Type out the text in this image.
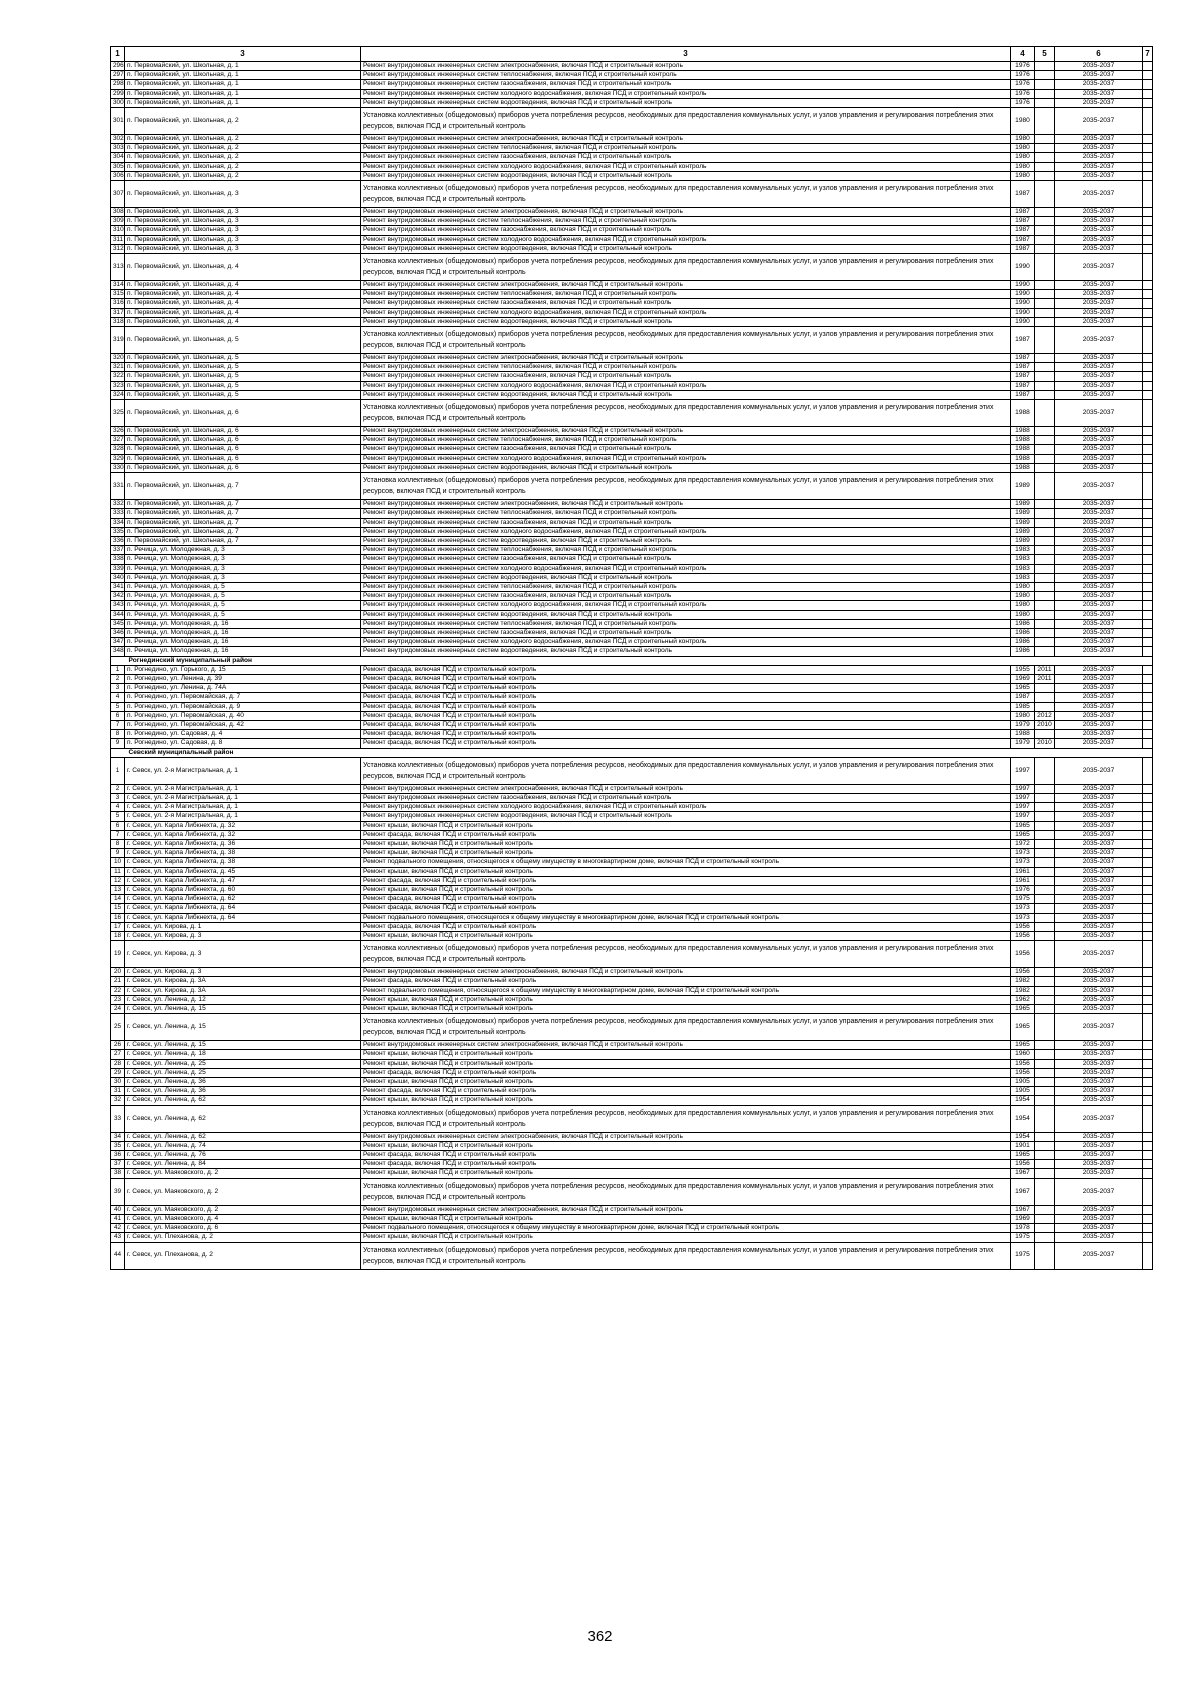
1	3	3	4	5	6	7
296	п. Первомайский, ул. Школьная, д. 1	Ремонт внутридомовых инженерных систем электроснабжения, включая ПСД и строительный контроль	1976		2035-2037	
297	п. Первомайский, ул. Школьная, д. 1	Ремонт внутридомовых инженерных систем теплоснабжения, включая ПСД и строительный контроль	1976		2035-2037	
298	п. Первомайский, ул. Школьная, д. 1	Ремонт внутридомовых инженерных систем газоснабжения, включая ПСД и строительный контроль	1976		2035-2037	
299	п. Первомайский, ул. Школьная, д. 1	Ремонт внутридомовых инженерных систем холодного водоснабжения, включая ПСД и строительный контроль	1976		2035-2037	
300	п. Первомайский, ул. Школьная, д. 1	Ремонт внутридомовых инженерных систем водоотведения, включая ПСД и строительный контроль	1976		2035-2037	
301	п. Первомайский, ул. Школьная, д. 2	Установка коллективных (общедомовых) приборов учета потребления ресурсов, необходимых для предоставления коммунальных услуг, и узлов управления и регулирования потребления этих ресурсов, включая ПСД и строительный контроль	1980		2035-2037	
302	п. Первомайский, ул. Школьная, д. 2	Ремонт внутридомовых инженерных систем электроснабжения, включая ПСД и строительный контроль	1980		2035-2037	
303	п. Первомайский, ул. Школьная, д. 2	Ремонт внутридомовых инженерных систем теплоснабжения, включая ПСД и строительный контроль	1980		2035-2037	
304	п. Первомайский, ул. Школьная, д. 2	Ремонт внутридомовых инженерных систем газоснабжения, включая ПСД и строительный контроль	1980		2035-2037	
305	п. Первомайский, ул. Школьная, д. 2	Ремонт внутридомовых инженерных систем холодного водоснабжения, включая ПСД и строительный контроль	1980		2035-2037	
306	п. Первомайский, ул. Школьная, д. 2	Ремонт внутридомовых инженерных систем водоотведения, включая ПСД и строительный контроль	1980		2035-2037	
307	п. Первомайский, ул. Школьная, д. 3	Установка коллективных (общедомовых) приборов учета потребления ресурсов, необходимых для предоставления коммунальных услуг, и узлов управления и регулирования потребления этих ресурсов, включая ПСД и строительный контроль	1987		2035-2037	
308	п. Первомайский, ул. Школьная, д. 3	Ремонт внутридомовых инженерных систем электроснабжения, включая ПСД и строительный контроль	1987		2035-2037	
309	п. Первомайский, ул. Школьная, д. 3	Ремонт внутридомовых инженерных систем теплоснабжения, включая ПСД и строительный контроль	1987		2035-2037	
310	п. Первомайский, ул. Школьная, д. 3	Ремонт внутридомовых инженерных систем газоснабжения, включая ПСД и строительный контроль	1987		2035-2037	
311	п. Первомайский, ул. Школьная, д. 3	Ремонт внутридомовых инженерных систем холодного водоснабжения, включая ПСД и строительный контроль	1987		2035-2037	
312	п. Первомайский, ул. Школьная, д. 3	Ремонт внутридомовых инженерных систем водоотведения, включая ПСД и строительный контроль	1987		2035-2037	
313	п. Первомайский, ул. Школьная, д. 4	Установка коллективных (общедомовых) приборов учета потребления ресурсов, необходимых для предоставления коммунальных услуг, и узлов управления и регулирования потребления этих ресурсов, включая ПСД и строительный контроль	1990		2035-2037	
314	п. Первомайский, ул. Школьная, д. 4	Ремонт внутридомовых инженерных систем электроснабжения, включая ПСД и строительный контроль	1990		2035-2037	
315	п. Первомайский, ул. Школьная, д. 4	Ремонт внутридомовых инженерных систем теплоснабжения, включая ПСД и строительный контроль	1990		2035-2037	
316	п. Первомайский, ул. Школьная, д. 4	Ремонт внутридомовых инженерных систем газоснабжения, включая ПСД и строительный контроль	1990		2035-2037	
317	п. Первомайский, ул. Школьная, д. 4	Ремонт внутридомовых инженерных систем холодного водоснабжения, включая ПСД и строительный контроль	1990		2035-2037	
318	п. Первомайский, ул. Школьная, д. 4	Ремонт внутридомовых инженерных систем водоотведения, включая ПСД и строительный контроль	1990		2035-2037	
319	п. Первомайский, ул. Школьная, д. 5	Установка коллективных (общедомовых) приборов учета потребления ресурсов, необходимых для предоставления коммунальных услуг, и узлов управления и регулирования потребления этих ресурсов, включая ПСД и строительный контроль	1987		2035-2037	
320	п. Первомайский, ул. Школьная, д. 5	Ремонт внутридомовых инженерных систем электроснабжения, включая ПСД и строительный контроль	1987		2035-2037	
321	п. Первомайский, ул. Школьная, д. 5	Ремонт внутридомовых инженерных систем теплоснабжения, включая ПСД и строительный контроль	1987		2035-2037	
322	п. Первомайский, ул. Школьная, д. 5	Ремонт внутридомовых инженерных систем газоснабжения, включая ПСД и строительный контроль	1987		2035-2037	
323	п. Первомайский, ул. Школьная, д. 5	Ремонт внутридомовых инженерных систем холодного водоснабжения, включая ПСД и строительный контроль	1987		2035-2037	
324	п. Первомайский, ул. Школьная, д. 5	Ремонт внутридомовых инженерных систем водоотведения, включая ПСД и строительный контроль	1987		2035-2037	
325	п. Первомайский, ул. Школьная, д. 6	Установка коллективных (общедомовых) приборов учета потребления ресурсов, необходимых для предоставления коммунальных услуг, и узлов управления и регулирования потребления этих ресурсов, включая ПСД и строительный контроль	1988		2035-2037	
326	п. Первомайский, ул. Школьная, д. 6	Ремонт внутридомовых инженерных систем электроснабжения, включая ПСД и строительный контроль	1988		2035-2037	
327	п. Первомайский, ул. Школьная, д. 6	Ремонт внутридомовых инженерных систем теплоснабжения, включая ПСД и строительный контроль	1988		2035-2037	
328	п. Первомайский, ул. Школьная, д. 6	Ремонт внутридомовых инженерных систем газоснабжения, включая ПСД и строительный контроль	1988		2035-2037	
329	п. Первомайский, ул. Школьная, д. 6	Ремонт внутридомовых инженерных систем холодного водоснабжения, включая ПСД и строительный контроль	1988		2035-2037	
330	п. Первомайский, ул. Школьная, д. 6	Ремонт внутридомовых инженерных систем водоотведения, включая ПСД и строительный контроль	1988		2035-2037	
331	п. Первомайский, ул. Школьная, д. 7	Установка коллективных (общедомовых) приборов учета потребления ресурсов, необходимых для предоставления коммунальных услуг, и узлов управления и регулирования потребления этих ресурсов, включая ПСД и строительный контроль	1989		2035-2037	
332	п. Первомайский, ул. Школьная, д. 7	Ремонт внутридомовых инженерных систем электроснабжения, включая ПСД и строительный контроль	1989		2035-2037	
333	п. Первомайский, ул. Школьная, д. 7	Ремонт внутридомовых инженерных систем теплоснабжения, включая ПСД и строительный контроль	1989		2035-2037	
334	п. Первомайский, ул. Школьная, д. 7	Ремонт внутридомовых инженерных систем газоснабжения, включая ПСД и строительный контроль	1989		2035-2037	
335	п. Первомайский, ул. Школьная, д. 7	Ремонт внутридомовых инженерных систем холодного водоснабжения, включая ПСД и строительный контроль	1989		2035-2037	
336	п. Первомайский, ул. Школьная, д. 7	Ремонт внутридомовых инженерных систем водоотведения, включая ПСД и строительный контроль	1989		2035-2037	
337	п. Речица, ул. Молодежная, д. 3	Ремонт внутридомовых инженерных систем теплоснабжения, включая ПСД и строительный контроль	1983		2035-2037	
338	п. Речица, ул. Молодежная, д. 3	Ремонт внутридомовых инженерных систем газоснабжения, включая ПСД и строительный контроль	1983		2035-2037	
339	п. Речица, ул. Молодежная, д. 3	Ремонт внутридомовых инженерных систем холодного водоснабжения, включая ПСД и строительный контроль	1983		2035-2037	
340	п. Речица, ул. Молодежная, д. 3	Ремонт внутридомовых инженерных систем водоотведения, включая ПСД и строительный контроль	1983		2035-2037	
341	п. Речица, ул. Молодежная, д. 5	Ремонт внутридомовых инженерных систем теплоснабжения, включая ПСД и строительный контроль	1980		2035-2037	
342	п. Речица, ул. Молодежная, д. 5	Ремонт внутридомовых инженерных систем газоснабжения, включая ПСД и строительный контроль	1980		2035-2037	
343	п. Речица, ул. Молодежная, д. 5	Ремонт внутридомовых инженерных систем холодного водоснабжения, включая ПСД и строительный контроль	1980		2035-2037	
344	п. Речица, ул. Молодежная, д. 5	Ремонт внутридомовых инженерных систем водоотведения, включая ПСД и строительный контроль	1980		2035-2037	
345	п. Речица, ул. Молодежная, д. 16	Ремонт внутридомовых инженерных систем теплоснабжения, включая ПСД и строительный контроль	1986		2035-2037	
346	п. Речица, ул. Молодежная, д. 16	Ремонт внутридомовых инженерных систем газоснабжения, включая ПСД и строительный контроль	1986		2035-2037	
347	п. Речица, ул. Молодежная, д. 16	Ремонт внутридомовых инженерных систем холодного водоснабжения, включая ПСД и строительный контроль	1986		2035-2037	
348	п. Речица, ул. Молодежная, д. 16	Ремонт внутридомовых инженерных систем водоотведения, включая ПСД и строительный контроль	1986		2035-2037	
	Рогнединский муниципальный район					
1	п. Рогнедино, ул. Горького, д. 15	Ремонт фасада, включая ПСД и строительный контроль	1955	2011	2035-2037	
2	п. Рогнедино, ул. Ленина, д. 39	Ремонт фасада, включая ПСД и строительный контроль	1969	2011	2035-2037	
3	п. Рогнедино, ул. Ленина, д. 74А	Ремонт фасада, включая ПСД и строительный контроль	1965		2035-2037	
4	п. Рогнедино, ул. Первомайская, д. 7	Ремонт фасада, включая ПСД и строительный контроль	1987		2035-2037	
5	п. Рогнедино, ул. Первомайская, д. 9	Ремонт фасада, включая ПСД и строительный контроль	1985		2035-2037	
6	п. Рогнедино, ул. Первомайская, д. 40	Ремонт фасада, включая ПСД и строительный контроль	1980	2012	2035-2037	
7	п. Рогнедино, ул. Первомайская, д. 42	Ремонт фасада, включая ПСД и строительный контроль	1979	2010	2035-2037	
8	п. Рогнедино, ул. Садовая, д. 4	Ремонт фасада, включая ПСД и строительный контроль	1988		2035-2037	
9	п. Рогнедино, ул. Садовая, д. 8	Ремонт фасада, включая ПСД и строительный контроль	1979	2010	2035-2037	
	Севский муниципальный район					
1	г. Севск, ул. 2-я Магистральная, д. 1	Установка коллективных (общедомовых) приборов учета потребления ресурсов, необходимых для предоставления коммунальных услуг, и узлов управления и регулирования потребления этих ресурсов, включая ПСД и строительный контроль	1997		2035-2037	
2	г. Севск, ул. 2-я Магистральная, д. 1	Ремонт внутридомовых инженерных систем электроснабжения, включая ПСД и строительный контроль	1997		2035-2037	
3	г. Севск, ул. 2-я Магистральная, д. 1	Ремонт внутридомовых инженерных систем газоснабжения, включая ПСД и строительный контроль	1997		2035-2037	
4	г. Севск, ул. 2-я Магистральная, д. 1	Ремонт внутридомовых инженерных систем холодного водоснабжения, включая ПСД и строительный контроль	1997		2035-2037	
5	г. Севск, ул. 2-я Магистральная, д. 1	Ремонт внутридомовых инженерных систем водоотведения, включая ПСД и строительный контроль	1997		2035-2037	
6	г. Севск, ул. Карла Либкнехта, д. 32	Ремонт крыши, включая ПСД и строительный контроль	1965		2035-2037	
7	г. Севск, ул. Карла Либкнехта, д. 32	Ремонт фасада, включая ПСД и строительный контроль	1965		2035-2037	
8	г. Севск, ул. Карла Либкнехта, д. 36	Ремонт крыши, включая ПСД и строительный контроль	1972		2035-2037	
9	г. Севск, ул. Карла Либкнехта, д. 38	Ремонт крыши, включая ПСД и строительный контроль	1973		2035-2037	
10	г. Севск, ул. Карла Либкнехта, д. 38	Ремонт подвального помещения, относящегося к общему имуществу в многоквартирном доме, включая ПСД и строительный контроль	1973		2035-2037	
11	г. Севск, ул. Карла Либкнехта, д. 45	Ремонт крыши, включая ПСД и строительный контроль	1961		2035-2037	
12	г. Севск, ул. Карла Либкнехта, д. 47	Ремонт фасада, включая ПСД и строительный контроль	1961		2035-2037	
13	г. Севск, ул. Карла Либкнехта, д. 60	Ремонт крыши, включая ПСД и строительный контроль	1976		2035-2037	
14	г. Севск, ул. Карла Либкнехта, д. 62	Ремонт фасада, включая ПСД и строительный контроль	1975		2035-2037	
15	г. Севск, ул. Карла Либкнехта, д. 64	Ремонт фасада, включая ПСД и строительный контроль	1973		2035-2037	
16	г. Севск, ул. Карла Либкнехта, д. 64	Ремонт подвального помещения, относящегося к общему имуществу в многоквартирном доме, включая ПСД и строительный контроль	1973		2035-2037	
17	г. Севск, ул. Кирова, д. 1	Ремонт фасада, включая ПСД и строительный контроль	1956		2035-2037	
18	г. Севск, ул. Кирова, д. 3	Ремонт крыши, включая ПСД и строительный контроль	1956		2035-2037	
19	г. Севск, ул. Кирова, д. 3	Установка коллективных (общедомовых) приборов учета потребления ресурсов, необходимых для предоставления коммунальных услуг, и узлов управления и регулирования потребления этих ресурсов, включая ПСД и строительный контроль	1956		2035-2037	
20	г. Севск, ул. Кирова, д. 3	Ремонт внутридомовых инженерных систем электроснабжения, включая ПСД и строительный контроль	1956		2035-2037	
21	г. Севск, ул. Кирова, д. 3А	Ремонт фасада, включая ПСД и строительный контроль	1982		2035-2037	
22	г. Севск, ул. Кирова, д. 3А	Ремонт подвального помещения, относящегося к общему имуществу в многоквартирном доме, включая ПСД и строительный контроль	1982		2035-2037	
23	г. Севск, ул. Ленина, д. 12	Ремонт крыши, включая ПСД и строительный контроль	1962		2035-2037	
24	г. Севск, ул. Ленина, д. 15	Ремонт крыши, включая ПСД и строительный контроль	1965		2035-2037	
25	г. Севск, ул. Ленина, д. 15	Установка коллективных (общедомовых) приборов учета потребления ресурсов, необходимых для предоставления коммунальных услуг, и узлов управления и регулирования потребления этих ресурсов, включая ПСД и строительный контроль	1965		2035-2037	
26	г. Севск, ул. Ленина, д. 15	Ремонт внутридомовых инженерных систем электроснабжения, включая ПСД и строительный контроль	1965		2035-2037	
27	г. Севск, ул. Ленина, д. 18	Ремонт крыши, включая ПСД и строительный контроль	1960		2035-2037	
28	г. Севск, ул. Ленина, д. 25	Ремонт крыши, включая ПСД и строительный контроль	1956		2035-2037	
29	г. Севск, ул. Ленина, д. 25	Ремонт фасада, включая ПСД и строительный контроль	1956		2035-2037	
30	г. Севск, ул. Ленина, д. 36	Ремонт крыши, включая ПСД и строительный контроль	1905		2035-2037	
31	г. Севск, ул. Ленина, д. 36	Ремонт фасада, включая ПСД и строительный контроль	1905		2035-2037	
32	г. Севск, ул. Ленина, д. 62	Ремонт крыши, включая ПСД и строительный контроль	1954		2035-2037	
33	г. Севск, ул. Ленина, д. 62	Установка коллективных (общедомовых) приборов учета потребления ресурсов, необходимых для предоставления коммунальных услуг, и узлов управления и регулирования потребления этих ресурсов, включая ПСД и строительный контроль	1954		2035-2037	
34	г. Севск, ул. Ленина, д. 62	Ремонт внутридомовых инженерных систем электроснабжения, включая ПСД и строительный контроль	1954		2035-2037	
35	г. Севск, ул. Ленина, д. 74	Ремонт крыши, включая ПСД и строительный контроль	1901		2035-2037	
36	г. Севск, ул. Ленина, д. 76	Ремонт фасада, включая ПСД и строительный контроль	1965		2035-2037	
37	г. Севск, ул. Ленина, д. 84	Ремонт фасада, включая ПСД и строительный контроль	1956		2035-2037	
38	г. Севск, ул. Маяковского, д. 2	Ремонт крыши, включая ПСД и строительный контроль	1967		2035-2037	
39	г. Севск, ул. Маяковского, д. 2	Установка коллективных (общедомовых) приборов учета потребления ресурсов, необходимых для предоставления коммунальных услуг, и узлов управления и регулирования потребления этих ресурсов, включая ПСД и строительный контроль	1967		2035-2037	
40	г. Севск, ул. Маяковского, д. 2	Ремонт внутридомовых инженерных систем электроснабжения, включая ПСД и строительный контроль	1967		2035-2037	
41	г. Севск, ул. Маяковского, д. 4	Ремонт крыши, включая ПСД и строительный контроль	1969		2035-2037	
42	г. Севск, ул. Маяковского, д. 6	Ремонт подвального помещения, относящегося к общему имуществу в многоквартирном доме, включая ПСД и строительный контроль	1978		2035-2037	
43	г. Севск, ул. Плеханова, д. 2	Ремонт крыши, включая ПСД и строительный контроль	1975		2035-2037	
44	г. Севск, ул. Плеханова, д. 2	Установка коллективных (общедомовых) приборов учета потребления ресурсов, необходимых для предоставления коммунальных услуг, и узлов управления и регулирования потребления этих ресурсов, включая ПСД и строительный контроль	1975		2035-2037	
362
